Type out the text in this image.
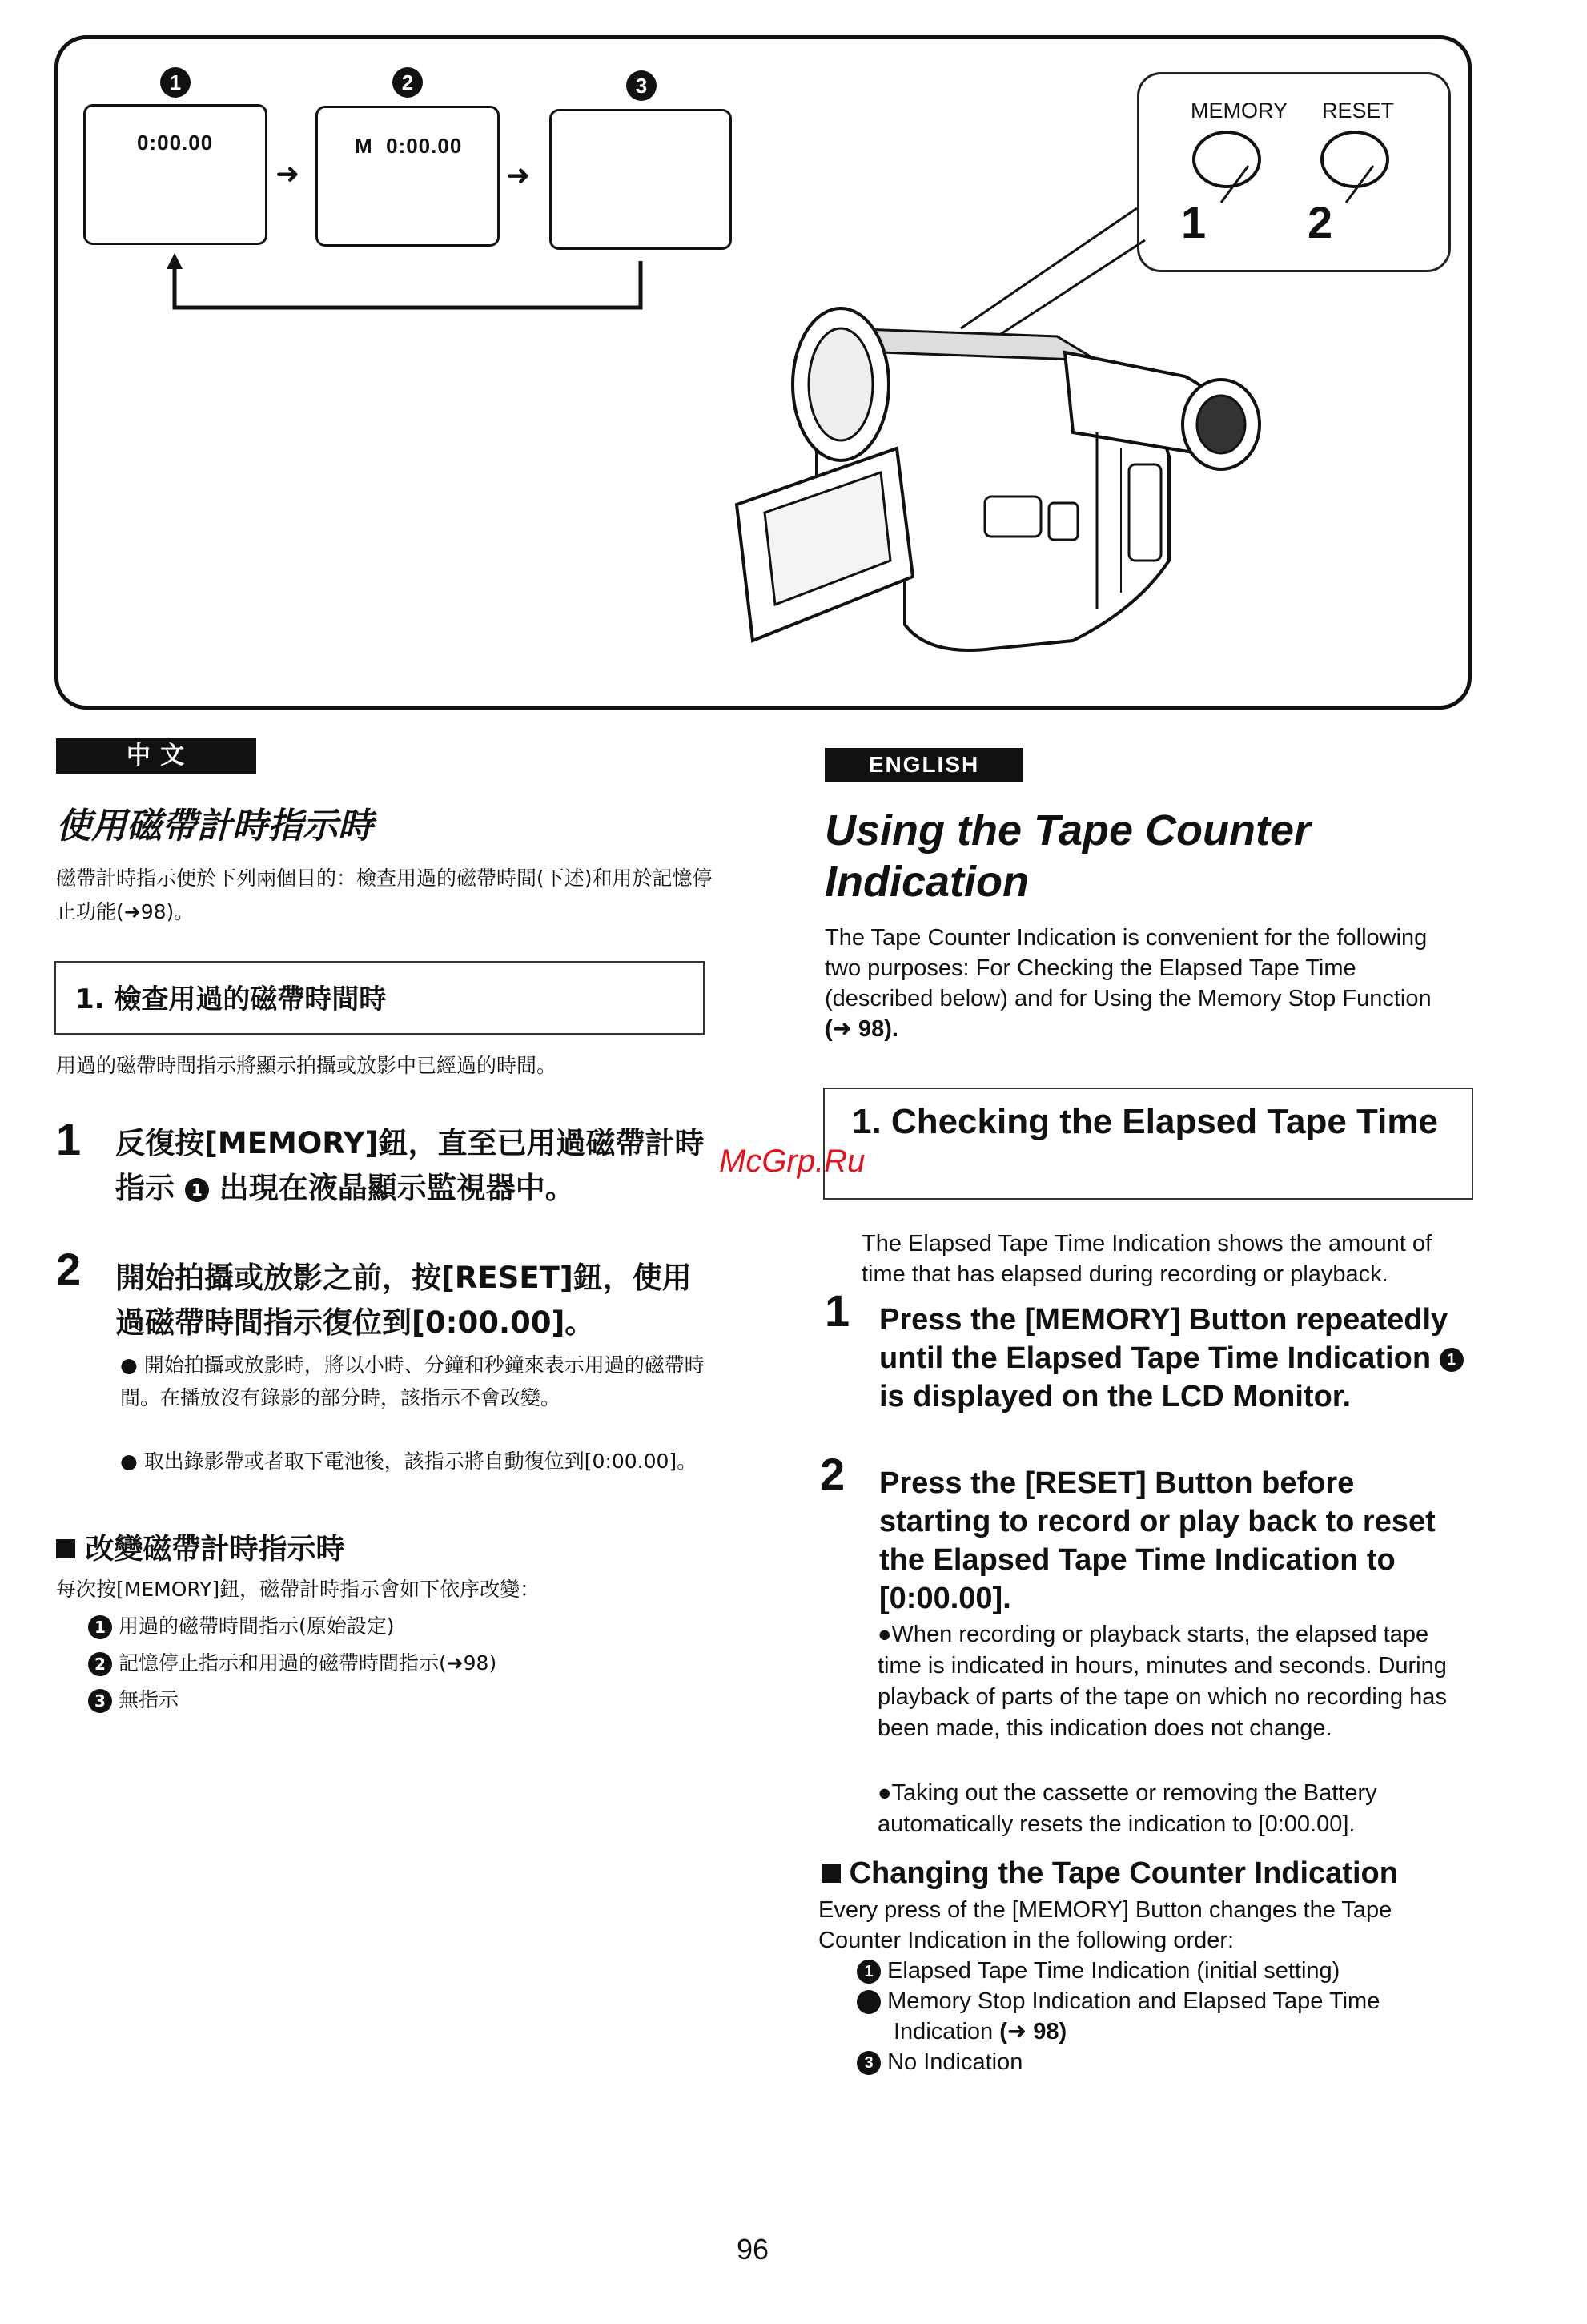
1	2	3
0:00.00
➜
M  0:00.00
➜
MEMORY RESET
1 2
中 文
使用磁帶計時指示時
磁帶計時指示便於下列兩個目的：檢查用過的磁帶時間(下述)和用於記憶停止功能(➜98)。
1. 檢查用過的磁帶時間時
用過的磁帶時間指示將顯示拍攝或放影中已經過的時間。
1 反復按[MEMORY]鈕，直至已用過磁帶計時指示 1 出現在液晶顯示監視器中。
2 開始拍攝或放影之前，按[RESET]鈕，使用過磁帶時間指示復位到[0:00.00]。
● 開始拍攝或放影時，將以小時、分鐘和秒鐘來表示用過的磁帶時間。在播放沒有錄影的部分時，該指示不會改變。
● 取出錄影帶或者取下電池後，該指示將自動復位到[0:00.00]。
改變磁帶計時指示時
每次按[MEMORY]鈕，磁帶計時指示會如下依序改變：
1 用過的磁帶時間指示(原始設定)
2 記憶停止指示和用過的磁帶時間指示(➜98)
3 無指示
ENGLISH
Using the Tape Counter Indication
The Tape Counter Indication is convenient for the following two purposes: For Checking the Elapsed Tape Time (described below) and for Using the Memory Stop Function (➜ 98).
1. Checking the Elapsed Tape Time
The Elapsed Tape Time Indication shows the amount of time that has elapsed during recording or playback.
1 Press the [MEMORY] Button repeatedly until the Elapsed Tape Time Indication 1 is displayed on the LCD Monitor.
2 Press the [RESET] Button before starting to record or play back to reset the Elapsed Tape Time Indication to [0:00.00].
●When recording or playback starts, the elapsed tape time is indicated in hours, minutes and seconds. During playback of parts of the tape on which no recording has been made, this indication does not change.
●Taking out the cassette or removing the Battery automatically resets the indication to [0:00.00].
Changing the Tape Counter Indication
Every press of the [MEMORY] Button changes the Tape Counter Indication in the following order:
1 Elapsed Tape Time Indication (initial setting)
2 Memory Stop Indication and Elapsed Tape Time Indication (➜ 98)
3 No Indication
McGrp.Ru
96
